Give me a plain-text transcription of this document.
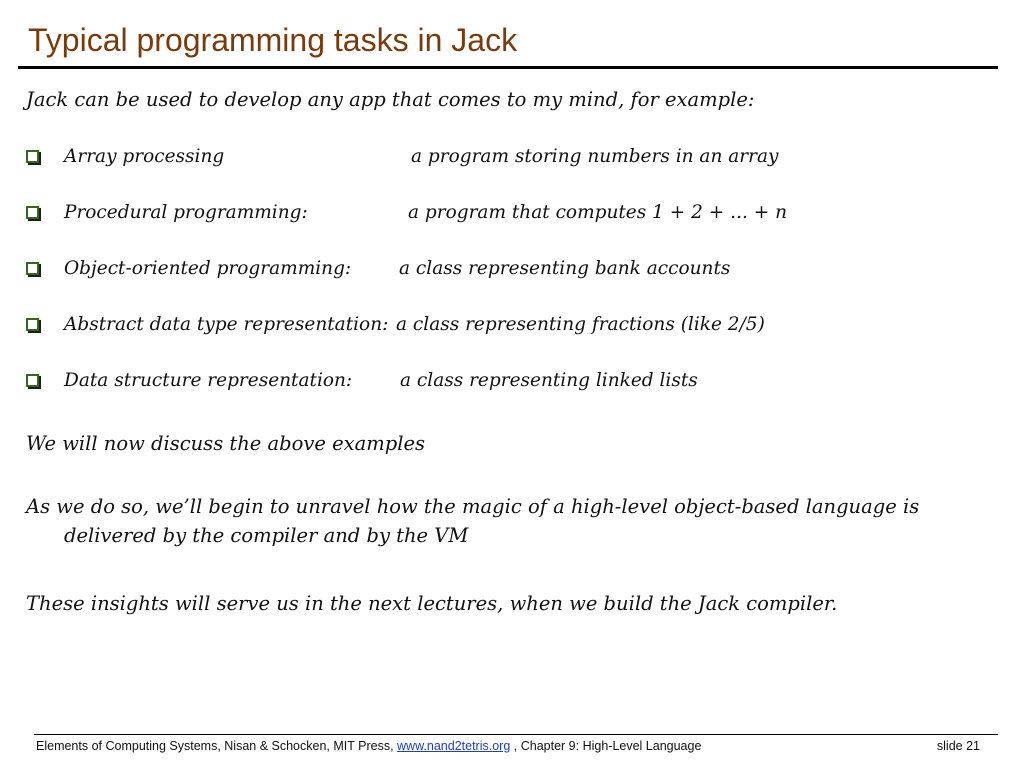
Typical programming tasks in Jack
Jack can be used to develop any app that comes to my mind, for example:
Array processing	a program storing numbers in an array
Procedural programming:	a program that computes 1 + 2 + ... + n
Object-oriented programming:	a class representing bank accounts
Abstract data type representation: a class representing fractions (like 2/5)
Data structure representation:	a class representing linked lists
We will now discuss the above examples
As we do so, we’ll begin to unravel how the magic of a high-level object-based language is
delivered by the compiler and by the VM
These insights will serve us in the next lectures, when we build the Jack compiler.
Elements of Computing Systems, Nisan & Schocken, MIT Press, www.nand2tetris.org , Chapter 9: High-Level Language	slide 21
